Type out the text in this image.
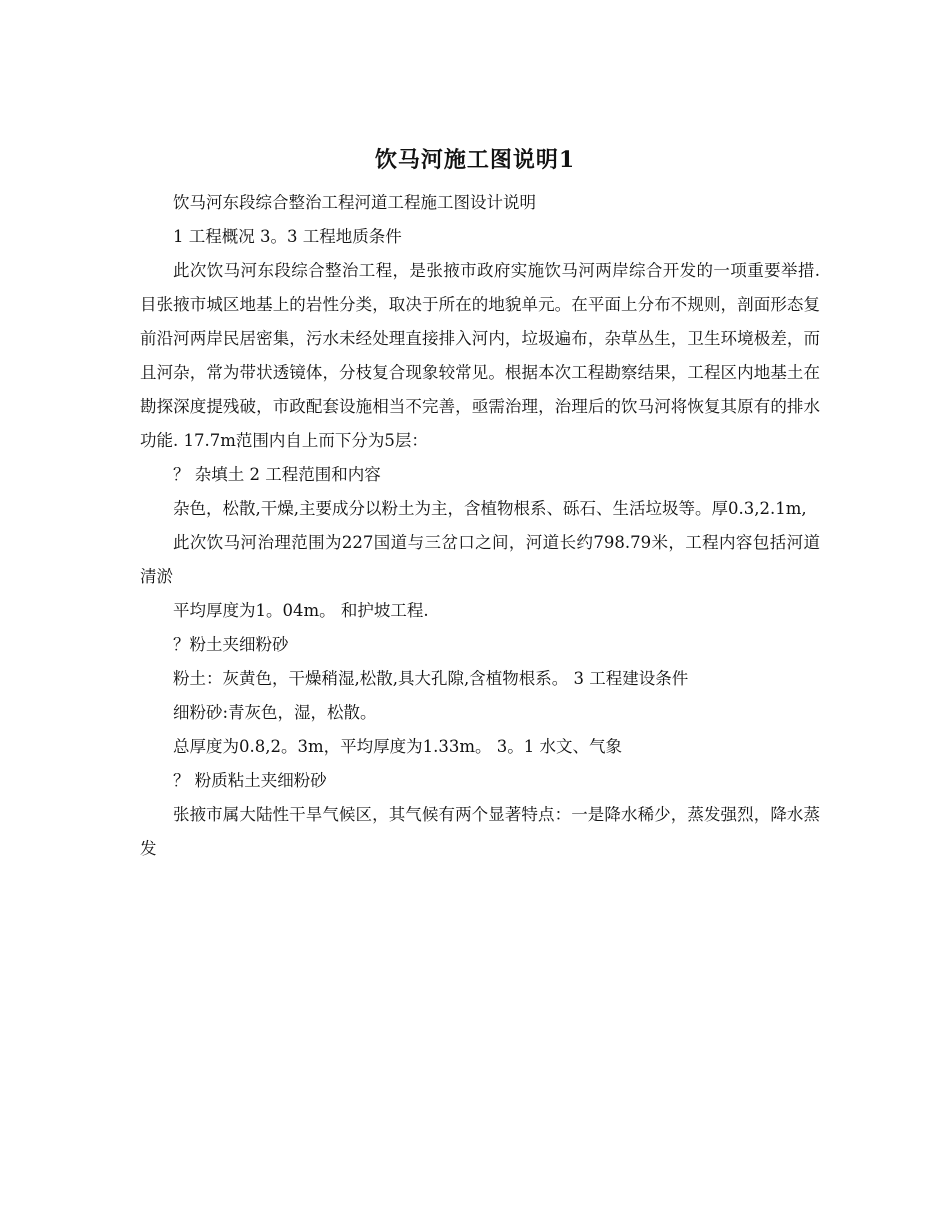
饮马河施工图说明1

饮马河东段综合整治工程河道工程施工图设计说明

1 工程概况 3。3 工程地质条件

此次饮马河东段综合整治工程，是张掖市政府实施饮马河两岸综合开发的一项重要举措.目张掖市城区地基上的岩性分类，取决于所在的地貌单元。在平面上分布不规则，剖面形态复前沿河两岸民居密集，污水未经处理直接排入河内，垃圾遍布，杂草丛生，卫生环境极差，而且河杂，常为带状透镜体，分枝复合现象较常见。根据本次工程勘察结果，工程区内地基土在勘探深度提残破，市政配套设施相当不完善，亟需治理，治理后的饮马河将恢复其原有的排水功能. 17.7m范围内自上而下分为5层：

？ 杂填土 2 工程范围和内容

杂色，松散,干燥,主要成分以粉土为主，含植物根系、砾石、生活垃圾等。厚0.3,2.1m,

此次饮马河治理范围为227国道与三岔口之间，河道长约798.79米，工程内容包括河道清淤

平均厚度为1。04m。 和护坡工程.

？粉土夹细粉砂

粉土：灰黄色，干燥稍湿,松散,具大孔隙,含植物根系。 3 工程建设条件

细粉砂:青灰色，湿，松散。

总厚度为0.8,2。3m，平均厚度为1.33m。 3。1 水文、气象

？ 粉质粘土夹细粉砂

张掖市属大陆性干旱气候区，其气候有两个显著特点：一是降水稀少，蒸发强烈，降水蒸发
